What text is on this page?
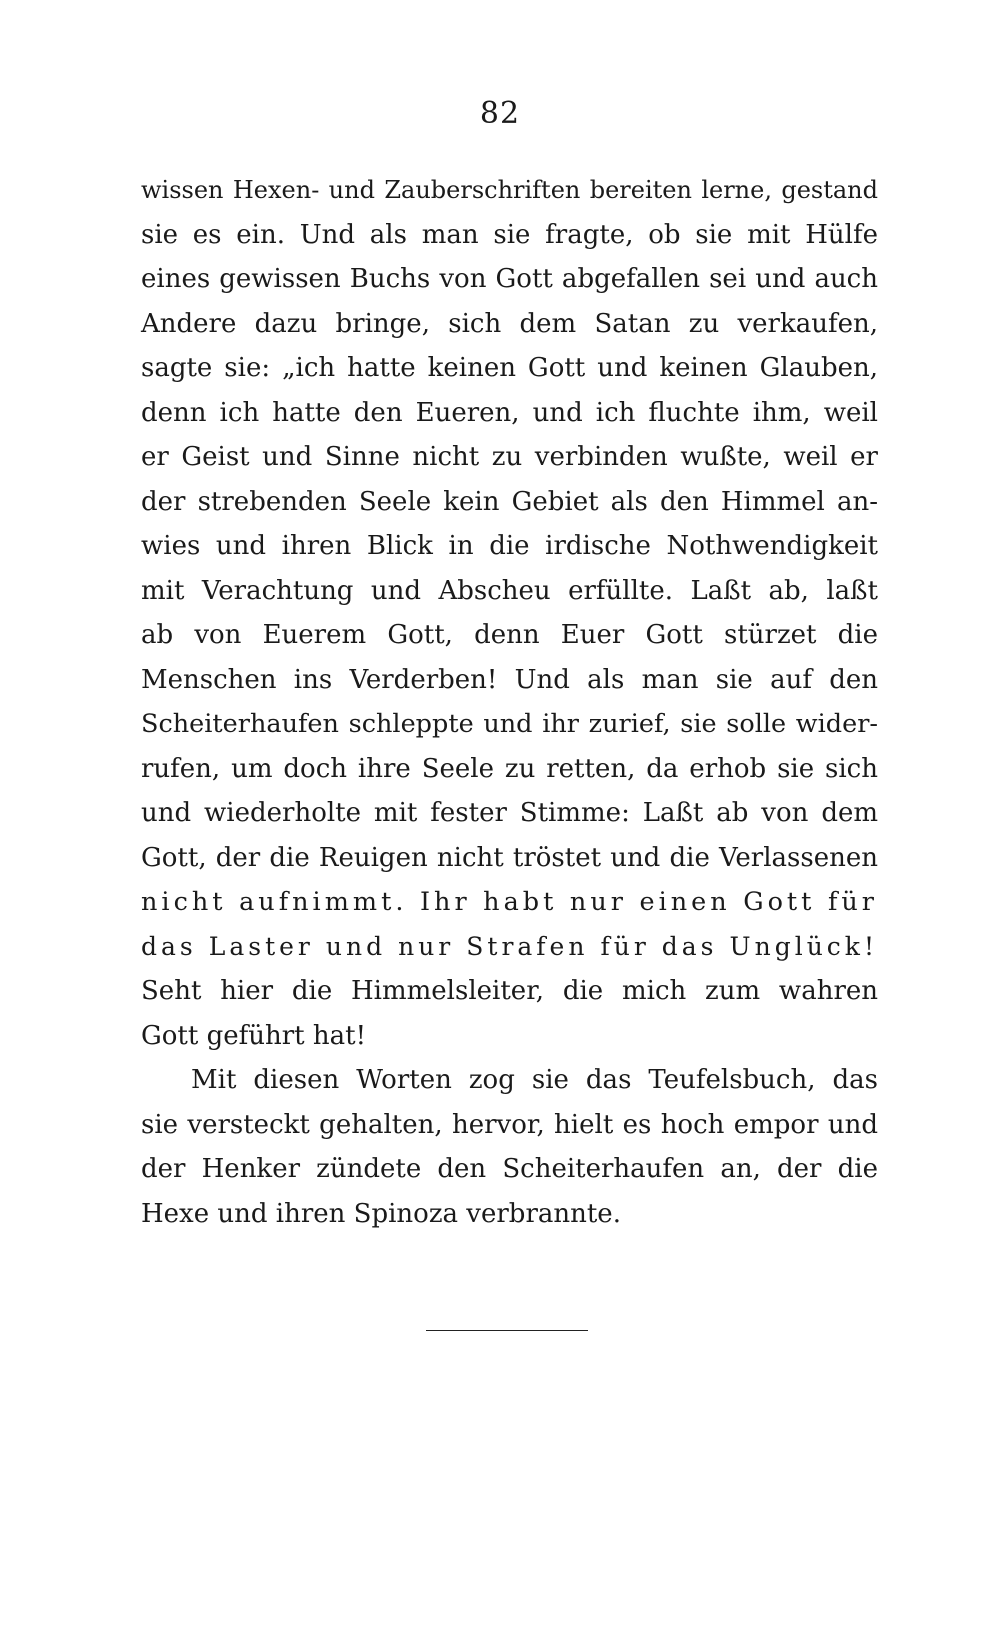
82
wissen Hexen- und Zauberschriften bereiten lerne, gestand
sie es ein. Und als man sie fragte, ob sie mit Hülfe
eines gewissen Buchs von Gott abgefallen sei und auch
Andere dazu bringe, sich dem Satan zu verkaufen,
sagte sie: „ich hatte keinen Gott und keinen Glauben,
denn ich hatte den Eueren, und ich fluchte ihm, weil
er Geist und Sinne nicht zu verbinden wußte, weil er
der strebenden Seele kein Gebiet als den Himmel an-
wies und ihren Blick in die irdische Nothwendigkeit
mit Verachtung und Abscheu erfüllte. Laßt ab, laßt
ab von Euerem Gott, denn Euer Gott stürzet die
Menschen ins Verderben! Und als man sie auf den
Scheiterhaufen schleppte und ihr zurief, sie solle wider-
rufen, um doch ihre Seele zu retten, da erhob sie sich
und wiederholte mit fester Stimme: Laßt ab von dem
Gott, der die Reuigen nicht tröstet und die Verlassenen
nicht aufnimmt. Ihr habt nur einen Gott für
das Laster und nur Strafen für das Unglück!
Seht hier die Himmelsleiter, die mich zum wahren
Gott geführt hat!
Mit diesen Worten zog sie das Teufelsbuch, das
sie versteckt gehalten, hervor, hielt es hoch empor und
der Henker zündete den Scheiterhaufen an, der die
Hexe und ihren Spinoza verbrannte.
